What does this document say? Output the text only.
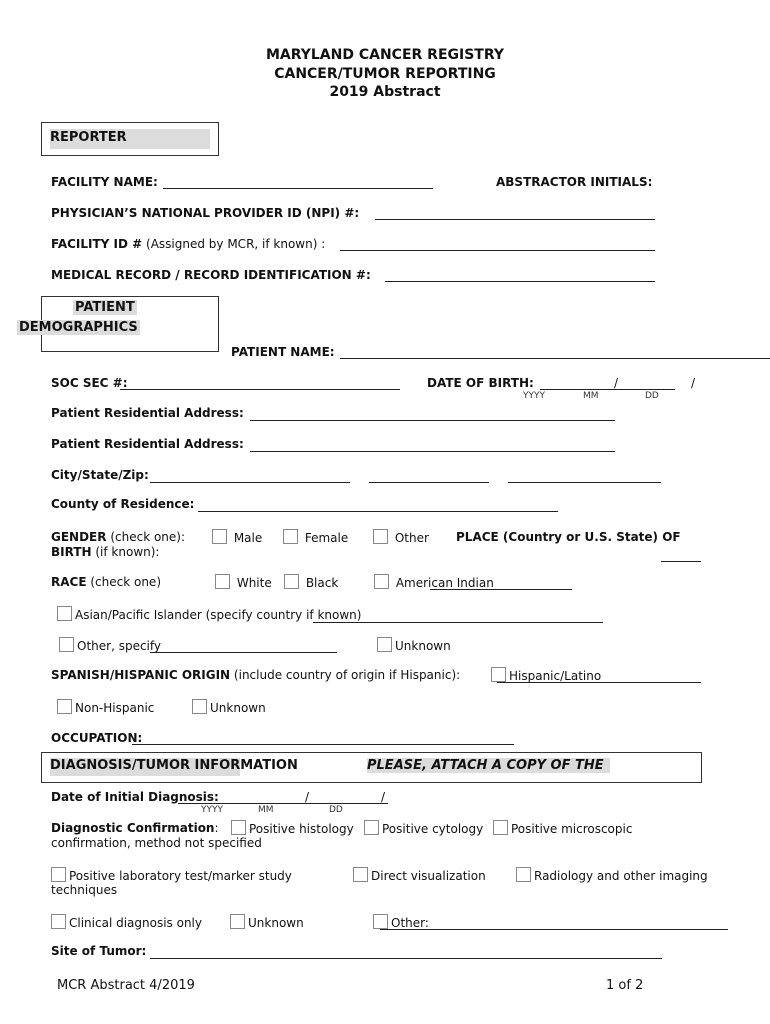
MARYLAND CANCER REGISTRY
CANCER/TUMOR REPORTING
2019 Abstract
REPORTER
FACILITY NAME:	ABSTRACTOR INITIALS:
PHYSICIAN’S NATIONAL PROVIDER ID (NPI) #:
FACILITY ID # (Assigned by MCR, if known) :
MEDICAL RECORD / RECORD IDENTIFICATION #:
PATIENT
DEMOGRAPHICS
PATIENT NAME:
SOC SEC #:	DATE OF BIRTH:	/	/
YYYY	MM	DD
Patient Residential Address:
Patient Residential Address:
City/State/Zip:
County of Residence:
GENDER (check one):	Male	Female	Other PLACE (Country or U.S. State) OF
BIRTH (if known):
RACE (check one)	White	Black	American Indian
Asian/Pacific Islander (specify country if known)
Other, specify	Unknown
SPANISH/HISPANIC ORIGIN (include country of origin if Hispanic):	Hispanic/Latino
Non-Hispanic	Unknown
OCCUPATION:
DIAGNOSIS/TUMOR INFORMATION	PLEASE, ATTACH A COPY OF THE
Date of Initial Diagnosis:	/	/
YYYY	MM	DD
Diagnostic Confirmation:	Positive histology	Positive cytology	Positive microscopic
confirmation, method not specified
Positive laboratory test/marker study	Direct visualization	Radiology and other imaging
techniques
Clinical diagnosis only	Unknown	Other:
Site of Tumor:
MCR Abstract 4/2019	1 of 2
